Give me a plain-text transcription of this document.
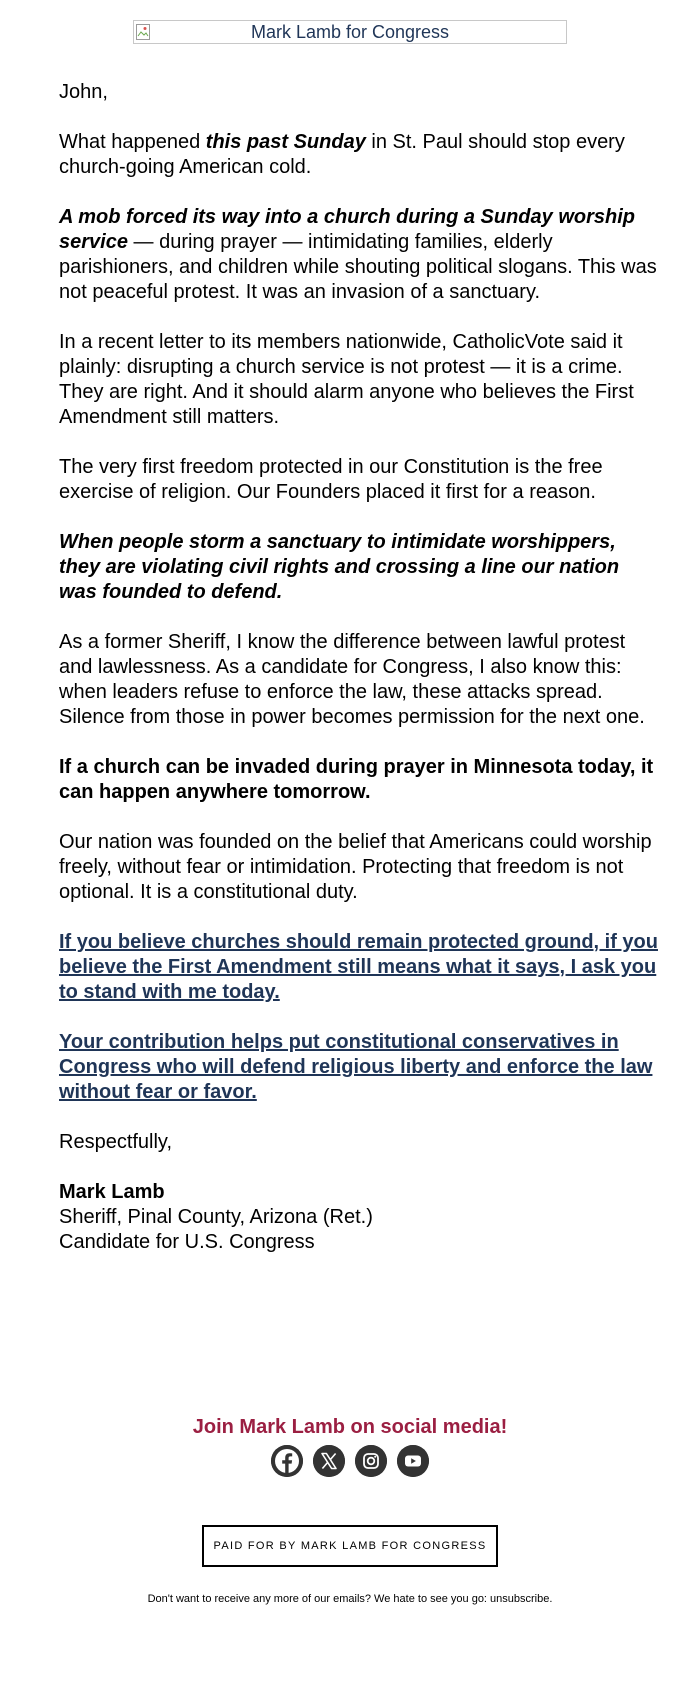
Mark Lamb for Congress

John,

What happened this past Sunday in St. Paul should stop every church-going American cold.

A mob forced its way into a church during a Sunday worship service — during prayer — intimidating families, elderly parishioners, and children while shouting political slogans. This was not peaceful protest. It was an invasion of a sanctuary.

In a recent letter to its members nationwide, CatholicVote said it plainly: disrupting a church service is not protest — it is a crime. They are right. And it should alarm anyone who believes the First Amendment still matters.

The very first freedom protected in our Constitution is the free exercise of religion. Our Founders placed it first for a reason.

When people storm a sanctuary to intimidate worshippers, they are violating civil rights and crossing a line our nation was founded to defend.

As a former Sheriff, I know the difference between lawful protest and lawlessness. As a candidate for Congress, I also know this: when leaders refuse to enforce the law, these attacks spread. Silence from those in power becomes permission for the next one.

If a church can be invaded during prayer in Minnesota today, it can happen anywhere tomorrow.

Our nation was founded on the belief that Americans could worship freely, without fear or intimidation. Protecting that freedom is not optional. It is a constitutional duty.

If you believe churches should remain protected ground, if you believe the First Amendment still means what it says, I ask you to stand with me today.

Your contribution helps put constitutional conservatives in Congress who will defend religious liberty and enforce the law without fear or favor.

Respectfully,

Mark Lamb
Sheriff, Pinal County, Arizona (Ret.)
Candidate for U.S. Congress
Join Mark Lamb on social media!
PAID FOR BY MARK LAMB FOR CONGRESS
Don't want to receive any more of our emails? We hate to see you go: unsubscribe.
